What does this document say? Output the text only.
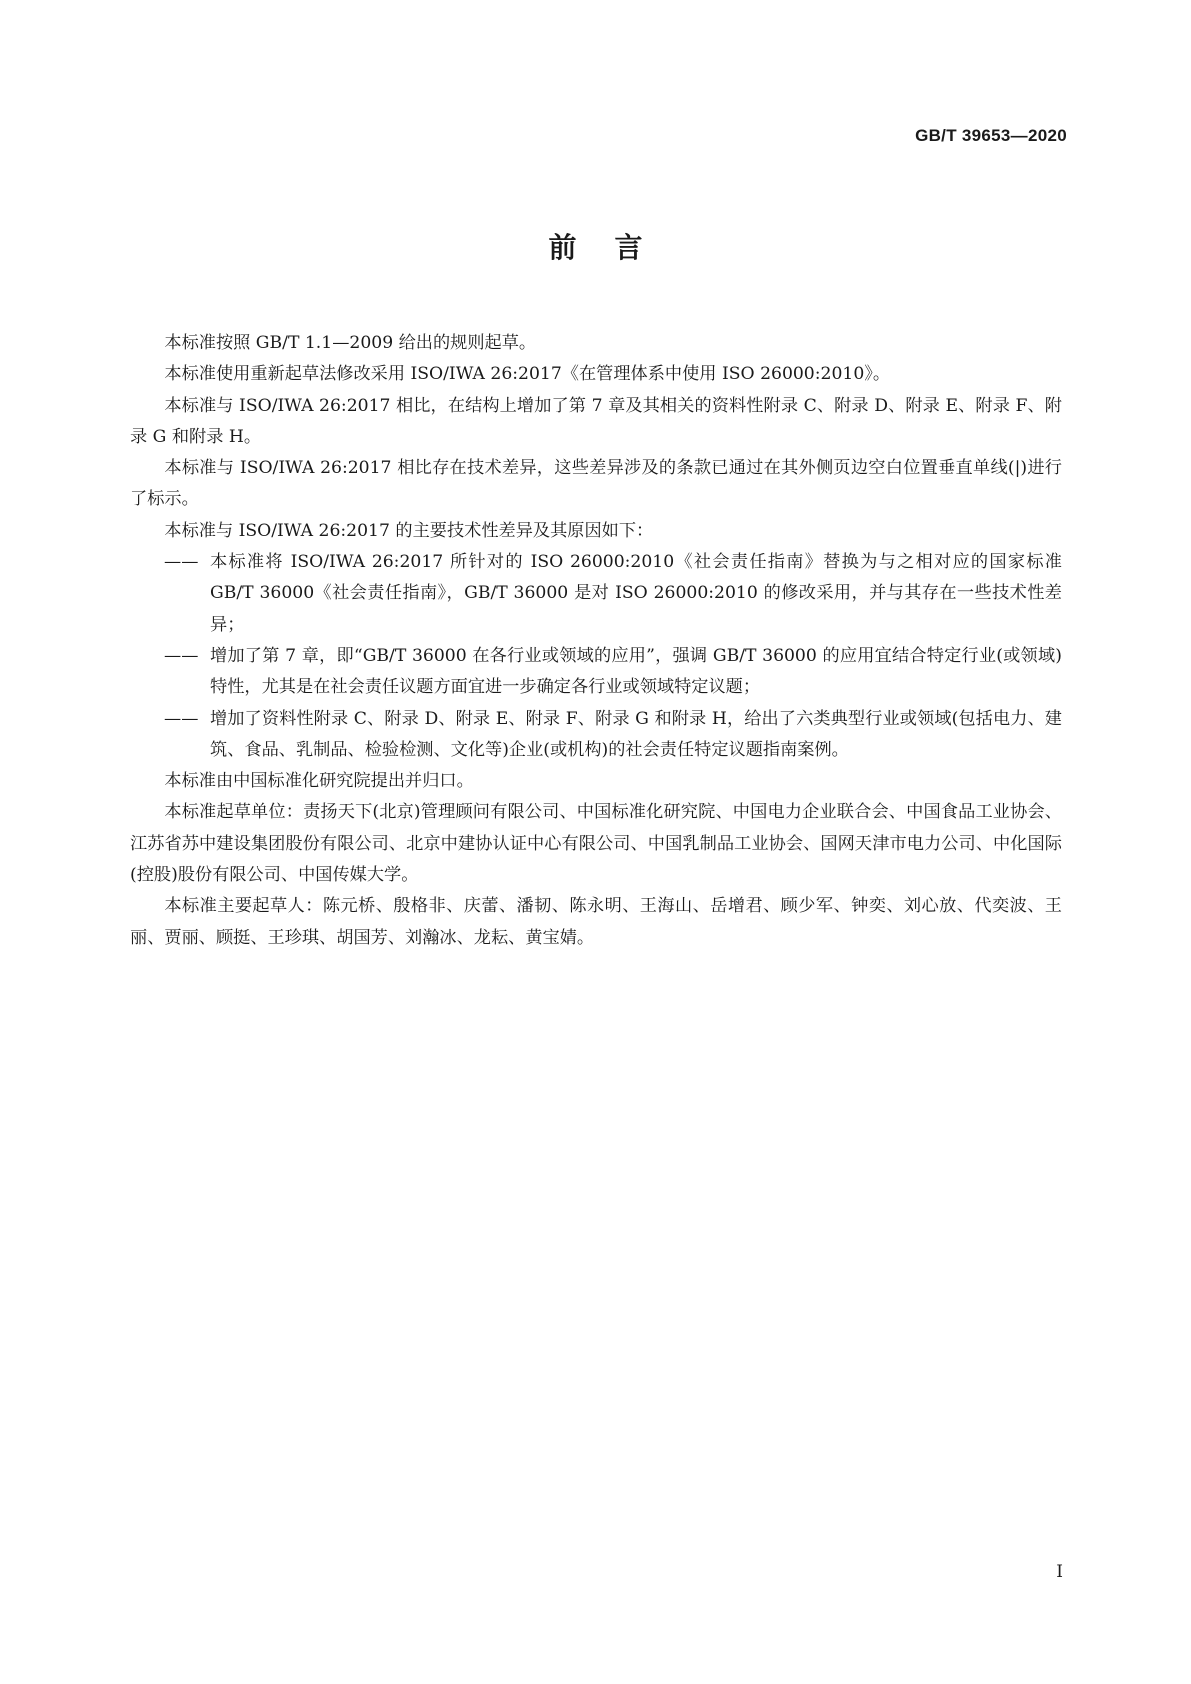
GB/T 39653—2020
前言

本标准按照 GB/T 1.1—2009 给出的规则起草。

本标准使用重新起草法修改采用 ISO/IWA 26:2017《在管理体系中使用 ISO 26000:2010》。

本标准与 ISO/IWA 26:2017 相比，在结构上增加了第 7 章及其相关的资料性附录 C、附录 D、附录 E、附录 F、附录 G 和附录 H。

本标准与 ISO/IWA 26:2017 相比存在技术差异，这些差异涉及的条款已通过在其外侧页边空白位置垂直单线(|)进行了标示。

本标准与 ISO/IWA 26:2017 的主要技术性差异及其原因如下：

—— 本标准将 ISO/IWA 26:2017 所针对的 ISO 26000:2010《社会责任指南》替换为与之相对应的国家标准 GB/T 36000《社会责任指南》，GB/T 36000 是对 ISO 26000:2010 的修改采用，并与其存在一些技术性差异；

—— 增加了第 7 章，即“GB/T 36000 在各行业或领域的应用”，强调 GB/T 36000 的应用宜结合特定行业(或领域)特性，尤其是在社会责任议题方面宜进一步确定各行业或领域特定议题；

—— 增加了资料性附录 C、附录 D、附录 E、附录 F、附录 G 和附录 H，给出了六类典型行业或领域(包括电力、建筑、食品、乳制品、检验检测、文化等)企业(或机构)的社会责任特定议题指南案例。

本标准由中国标准化研究院提出并归口。

本标准起草单位：责扬天下(北京)管理顾问有限公司、中国标准化研究院、中国电力企业联合会、中国食品工业协会、江苏省苏中建设集团股份有限公司、北京中建协认证中心有限公司、中国乳制品工业协会、国网天津市电力公司、中化国际(控股)股份有限公司、中国传媒大学。

本标准主要起草人：陈元桥、殷格非、庆蕾、潘韧、陈永明、王海山、岳增君、顾少军、钟奕、刘心放、代奕波、王丽、贾丽、顾挺、王珍琪、胡国芳、刘瀚冰、龙耘、黄宝婧。

I
